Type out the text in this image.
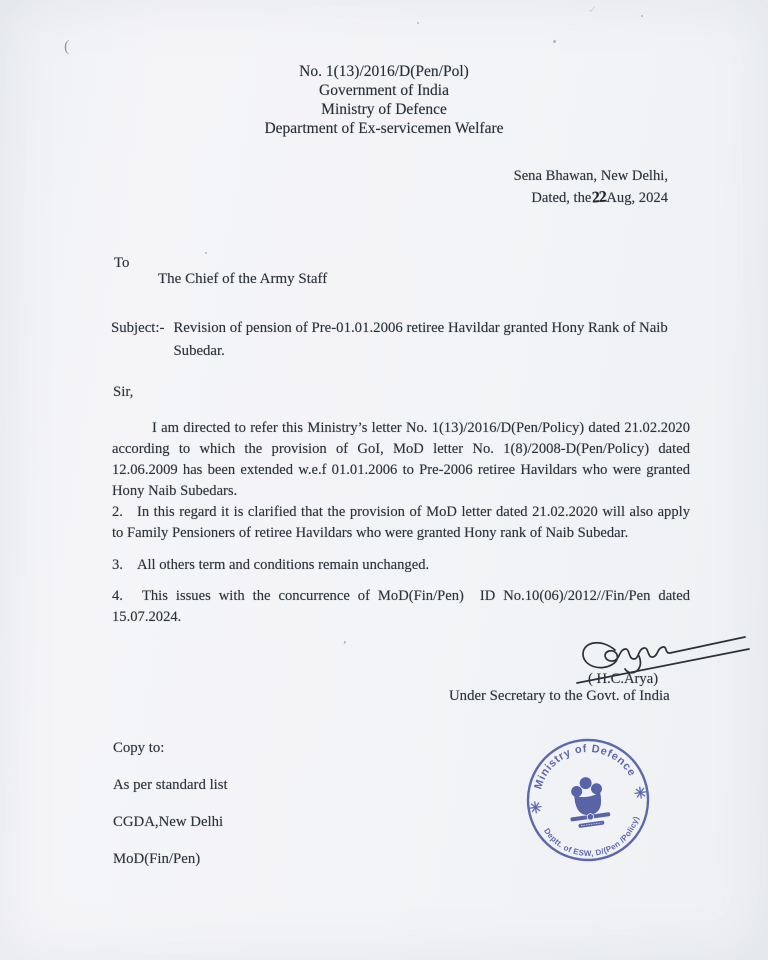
(
’
✓
No. 1(13)/2016/D(Pen/Pol)
Government of India
Ministry of Defence
Department of Ex-servicemen Welfare
Sena Bhawan, New Delhi,
Dated, the22Aug, 2024
To
The Chief of the Army Staff
Subject:- Revision of pension of Pre-01.01.2006 retiree Havildar granted Hony Rank of Naib
Subedar.
Sir,

I am directed to refer this Ministry’s letter No. 1(13)/2016/D(Pen/Policy) dated 21.02.2020 according to which the provision of GoI, MoD letter No. 1(8)/2008-D(Pen/Policy) dated 12.06.2009 has been extended w.e.f 01.01.2006 to Pre-2006 retiree Havildars who were granted Hony Naib Subedars.

2. In this regard it is clarified that the provision of MoD letter dated 21.02.2020 will also apply to Family Pensioners of retiree Havildars who were granted Hony rank of Naib Subedar.

3. All others term and conditions remain unchanged.

4. This issues with the concurrence of MoD(Fin/Pen)  ID No.10(06)/2012//Fin/Pen dated 15.07.2024.

( H.C.Arya)
Under Secretary to the Govt. of India

Copy to:

As per standard list

CGDA,New Delhi

MoD(Fin/Pen)

Ministry of Defence
Deptt. of ESW, D/(Pen /Policy)
